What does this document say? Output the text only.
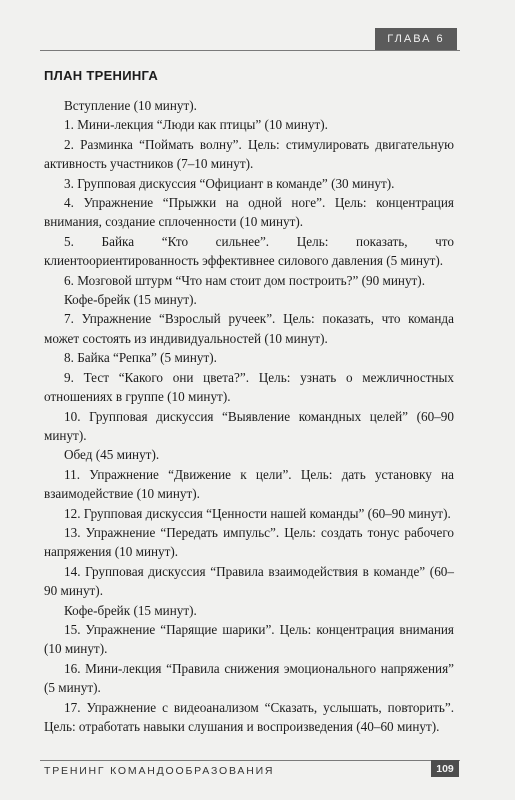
ГЛАВА 6
ПЛАН ТРЕНИНГА

Вступление (10 минут).

1. Мини-лекция “Люди как птицы” (10 минут).

2. Разминка “Поймать волну”. Цель: стимулировать двигательную активность участников (7–10 минут).

3. Групповая дискуссия “Официант в команде” (30 минут).

4. Упражнение “Прыжки на одной ноге”. Цель: концентрация внимания, создание сплоченности (10 минут).

5. Байка “Кто сильнее”. Цель: показать, что клиентоориентированность эффективнее силового давления (5 минут).

6. Мозговой штурм “Что нам стоит дом построить?” (90 минут).

Кофе-брейк (15 минут).

7. Упражнение “Взрослый ручеек”. Цель: показать, что команда может состоять из индивидуальностей (10 минут).

8. Байка “Репка” (5 минут).

9. Тест “Какого они цвета?”. Цель: узнать о межличностных отношениях в группе (10 минут).

10. Групповая дискуссия “Выявление командных целей” (60–90 минут).

Обед (45 минут).

11. Упражнение “Движение к цели”. Цель: дать установку на взаимодействие (10 минут).

12. Групповая дискуссия “Ценности нашей команды” (60–90 минут).

13. Упражнение “Передать импульс”. Цель: создать тонус рабочего напряжения (10 минут).

14. Групповая дискуссия “Правила взаимодействия в команде” (60–90 минут).

Кофе-брейк (15 минут).

15. Упражнение “Парящие шарики”. Цель: концентрация внимания (10 минут).

16. Мини-лекция “Правила снижения эмоционального напряжения” (5 минут).

17. Упражнение с видеоанализом “Сказать, услышать, повторить”. Цель: отработать навыки слушания и воспроизведения (40–60 минут).

ТРЕНИНГ КОМАНДООБРАЗОВАНИЯ	109
